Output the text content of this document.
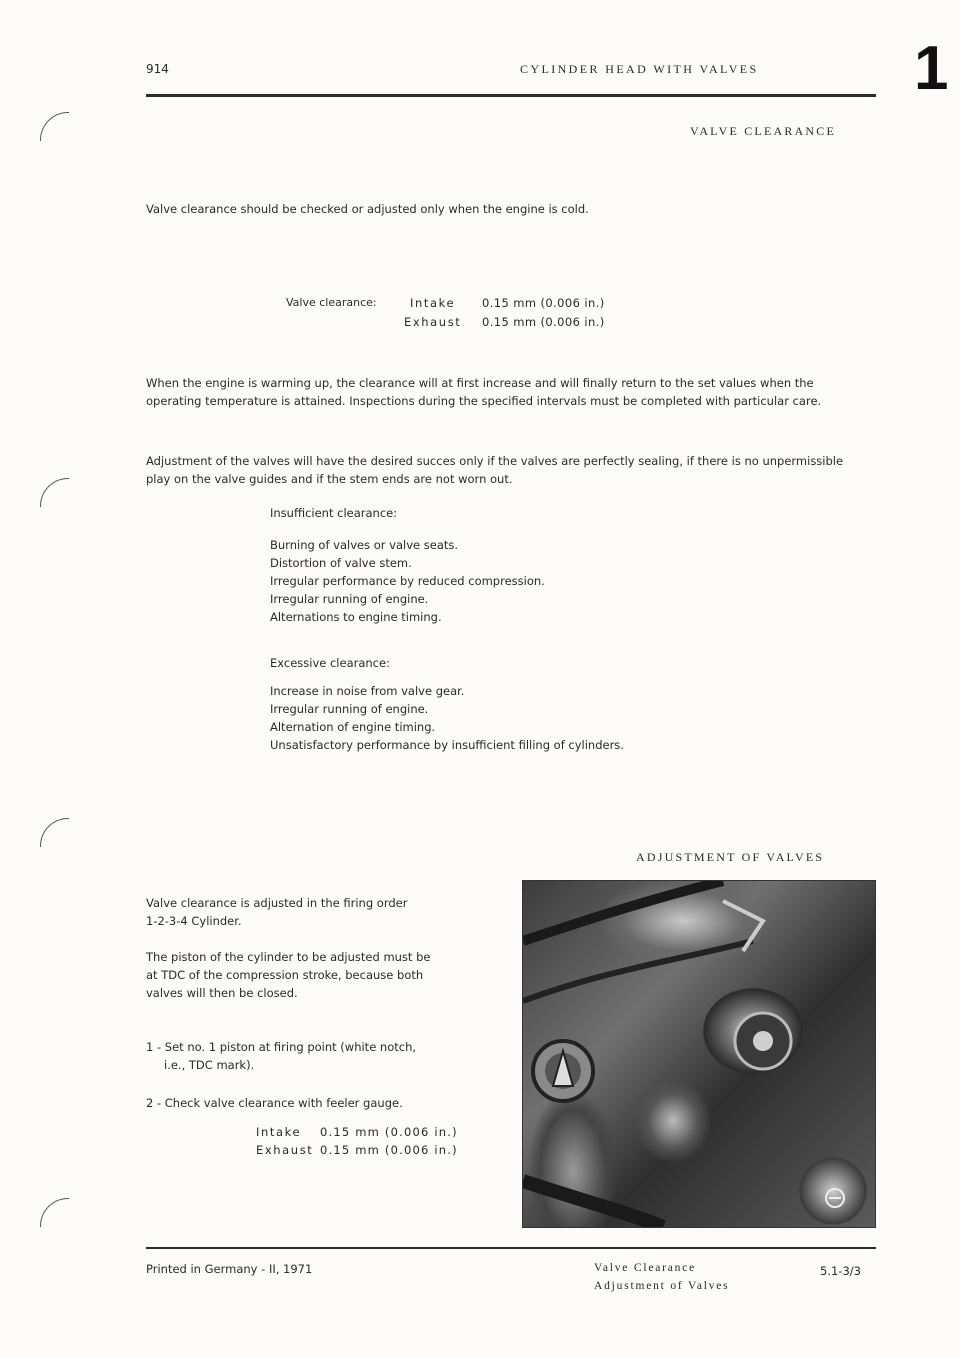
914	CYLINDER HEAD WITH VALVES	1
VALVE CLEARANCE
Valve clearance should be checked or adjusted only when the engine is cold.
Valve clearance:	Intake 0.15 mm (0.006 in.)
Exhaust 0.15 mm (0.006 in.)
When the engine is warming up, the clearance will at first increase and will finally return to the set values when the operating temperature is attained. Inspections during the specified intervals must be completed with particular care.
Adjustment of the valves will have the desired succes only if the valves are perfectly sealing, if there is no unpermissible play on the valve guides and if the stem ends are not worn out.
Insufficient clearance:
Burning of valves or valve seats.
Distortion of valve stem.
Irregular performance by reduced compression.
Irregular running of engine.
Alternations to engine timing.
Excessive clearance:
Increase in noise from valve gear.
Irregular running of engine.
Alternation of engine timing.
Unsatisfactory performance by insufficient filling of cylinders.
ADJUSTMENT OF VALVES
Valve clearance is adjusted in the firing order
1-2-3-4 Cylinder.
The piston of the cylinder to be adjusted must be
at TDC of the compression stroke, because both
valves will then be closed.
1 - Set no. 1 piston at firing point (white notch,
i.e., TDC mark).
2 - Check valve clearance with feeler gauge.
Intake 0.15 mm (0.006 in.)
Exhaust 0.15 mm (0.006 in.)
Printed in Germany - II, 1971	Valve Clearance
Adjustment of Valves
5.1-3/3
